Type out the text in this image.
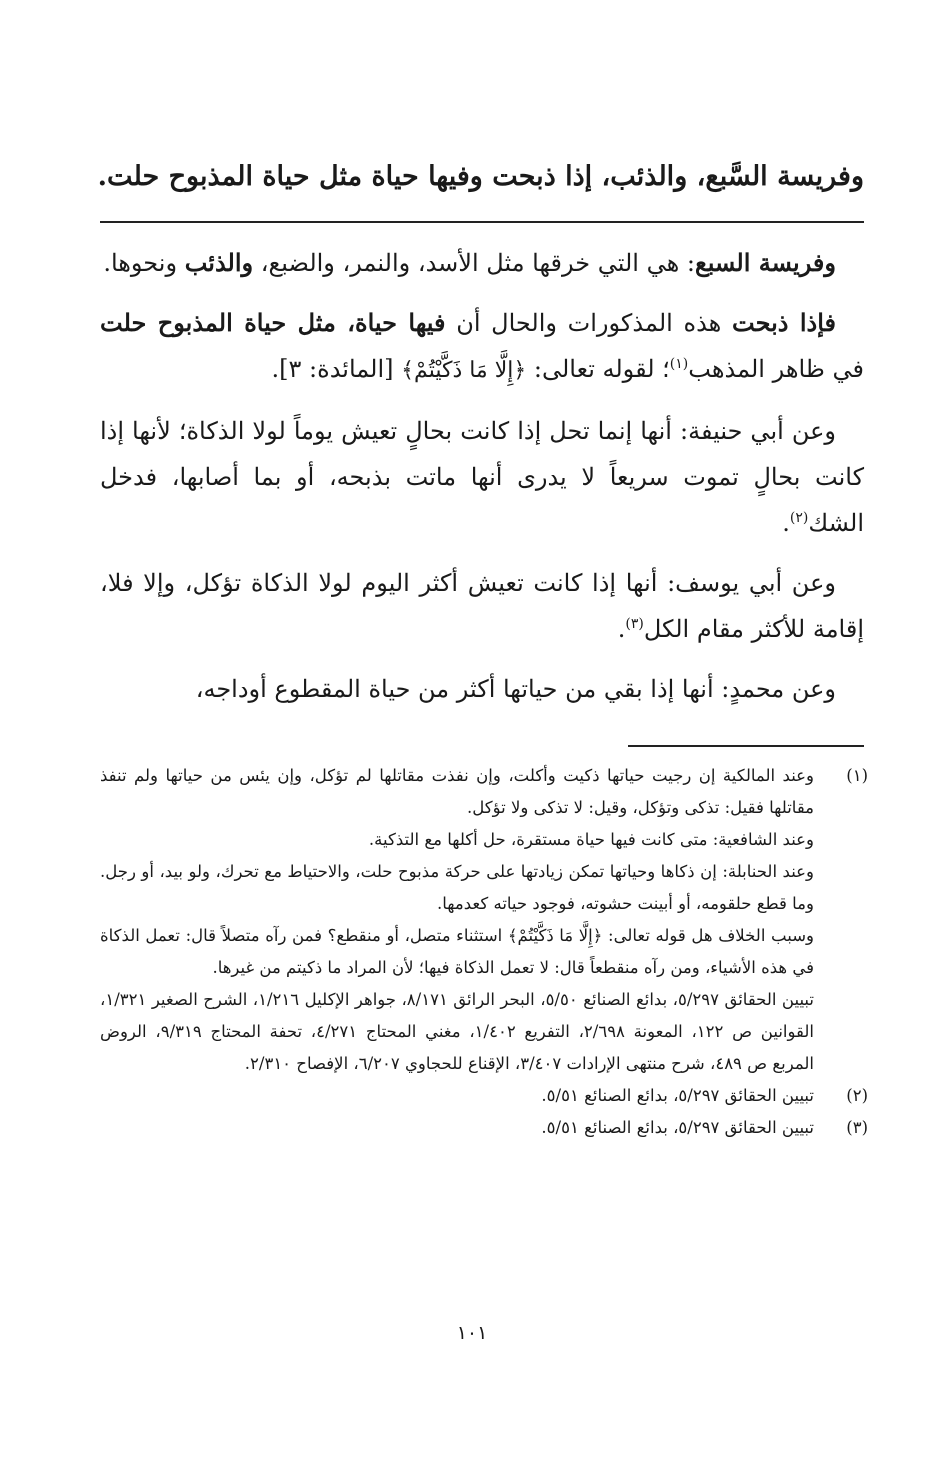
وفريسة السَّبع، والذئب، إذا ذبحت وفيها حياة مثل حياة المذبوح حلت.

وفريسة السبع: هي التي خرقها مثل الأسد، والنمر، والضبع، والذئب ونحوها.

فإذا ذبحت هذه المذكورات والحال أن فيها حياة، مثل حياة المذبوح حلت في ظاهر المذهب$^{(١)}$؛ لقوله تعالى: ﴿إِلَّا مَا ذَكَّيْتُمْ﴾ [المائدة: ٣].

وعن أبي حنيفة: أنها إنما تحل إذا كانت بحالٍ تعيش يوماً لولا الذكاة؛ لأنها إذا كانت بحالٍ تموت سريعاً لا يدرى أنها ماتت بذبحه، أو بما أصابها، فدخل الشك$^{(٢)}$.

وعن أبي يوسف: أنها إذا كانت تعيش أكثر اليوم لولا الذكاة تؤكل، وإلا فلا، إقامة للأكثر مقام الكل$^{(٣)}$.

وعن محمدٍ: أنها إذا بقي من حياتها أكثر من حياة المقطوع أوداجه،

(١)

وعند المالكية إن رجيت حياتها ذكيت وأكلت، وإن نفذت مقاتلها لم تؤكل، وإن يئس من حياتها ولم تنفذ مقاتلها فقيل: تذكى وتؤكل، وقيل: لا تذكى ولا تؤكل.

وعند الشافعية: متى كانت فيها حياة مستقرة، حل أكلها مع التذكية.

وعند الحنابلة: إن ذكاها وحياتها تمكن زيادتها على حركة مذبوح حلت، والاحتياط مع تحرك، ولو بيد، أو رجل. وما قطع حلقومه، أو أبينت حشوته، فوجود حياته كعدمها.

وسبب الخلاف هل قوله تعالى: ﴿إِلَّا مَا ذَكَّيْتُمْ﴾ استثناء متصل، أو منقطع؟ فمن رآه متصلاً قال: تعمل الذكاة في هذه الأشياء، ومن رآه منقطعاً قال: لا تعمل الذكاة فيها؛ لأن المراد ما ذكيتم من غيرها.

تبيين الحقائق ٥/٢٩٧، بدائع الصنائع ٥/٥٠، البحر الرائق ٨/١٧١، جواهر الإكليل ١/٢١٦، الشرح الصغير ١/٣٢١، القوانين ص ١٢٢، المعونة ٢/٦٩٨، التفريع ١/٤٠٢، مغني المحتاج ٤/٢٧١، تحفة المحتاج ٩/٣١٩، الروض المربع ص ٤٨٩، شرح منتهى الإرادات ٣/٤٠٧، الإقناع للحجاوي ٦/٢٠٧، الإفصاح ٢/٣١٠.

(٢)

تبيين الحقائق ٥/٢٩٧، بدائع الصنائع ٥/٥١.

(٣)

تبيين الحقائق ٥/٢٩٧، بدائع الصنائع ٥/٥١.

١٠١
